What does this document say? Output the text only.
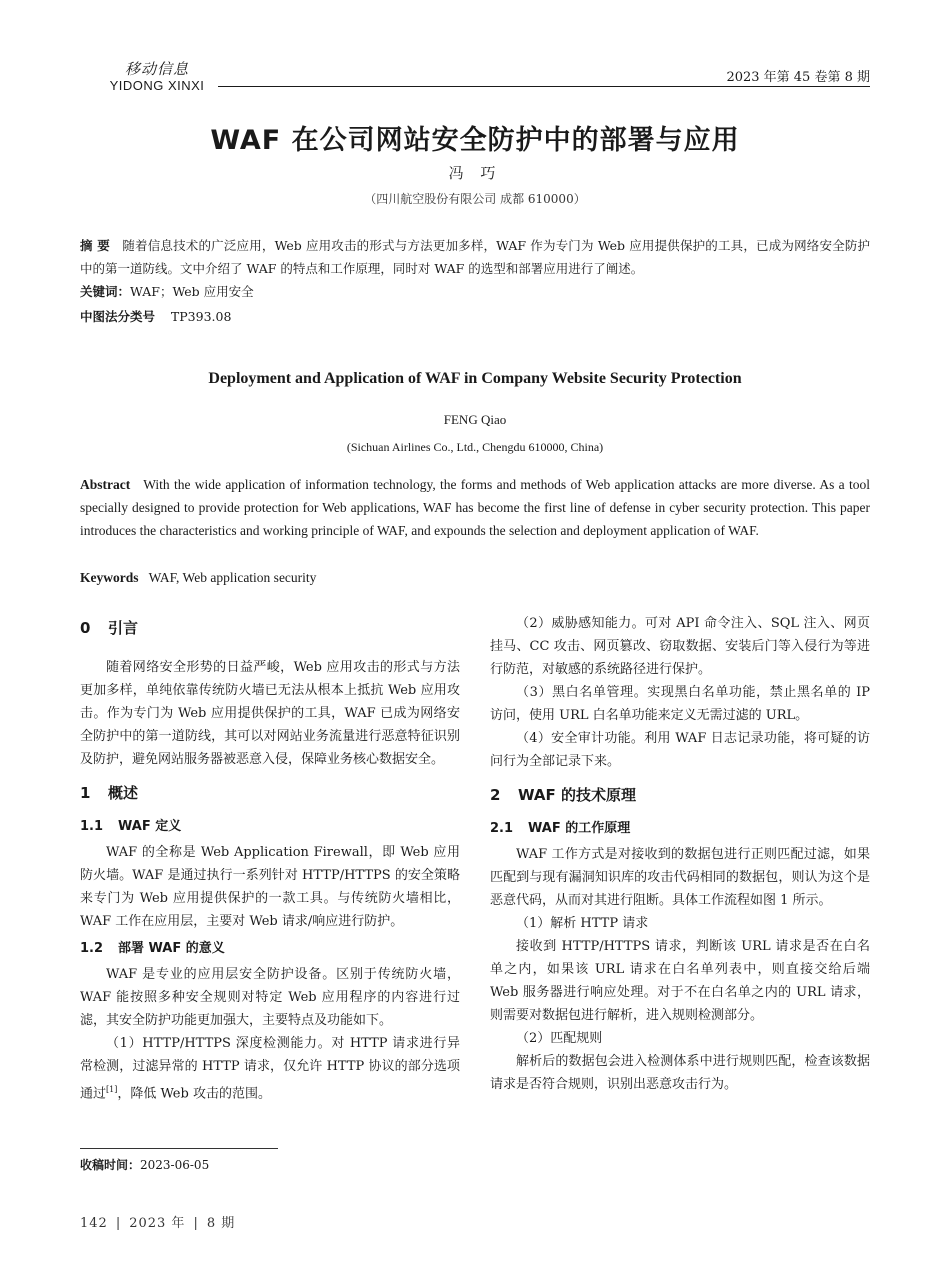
移动信息
YIDONG XINXI
2023 年第 45 卷第 8 期
WAF 在公司网站安全防护中的部署与应用
冯 巧
（四川航空股份有限公司 成都 610000）
摘 要 随着信息技术的广泛应用，Web 应用攻击的形式与方法更加多样，WAF 作为专门为 Web 应用提供保护的工具，已成为网络安全防护中的第一道防线。文中介绍了 WAF 的特点和工作原理，同时对 WAF 的选型和部署应用进行了阐述。
关键词：WAF；Web 应用安全
中图法分类号 TP393.08
Deployment and Application of WAF in Company Website Security Protection
FENG Qiao
(Sichuan Airlines Co., Ltd., Chengdu 610000, China)
Abstract With the wide application of information technology, the forms and methods of Web application attacks are more diverse. As a tool specially designed to provide protection for Web applications, WAF has become the first line of defense in cyber security protection. This paper introduces the characteristics and working principle of WAF, and expounds the selection and deployment application of WAF.
Keywords WAF, Web application security
0 引言

随着网络安全形势的日益严峻，Web 应用攻击的形式与方法更加多样，单纯依靠传统防火墙已无法从根本上抵抗 Web 应用攻击。作为专门为 Web 应用提供保护的工具，WAF 已成为网络安全防护中的第一道防线，其可以对网站业务流量进行恶意特征识别及防护，避免网站服务器被恶意入侵，保障业务核心数据安全。

1 概述
1.1 WAF 定义

WAF 的全称是 Web Application Firewall，即 Web 应用防火墙。WAF 是通过执行一系列针对 HTTP/HTTPS 的安全策略来专门为 Web 应用提供保护的一款工具。与传统防火墙相比，WAF 工作在应用层，主要对 Web 请求/响应进行防护。

1.2 部署 WAF 的意义

WAF 是专业的应用层安全防护设备。区别于传统防火墙，WAF 能按照多种安全规则对特定 Web 应用程序的内容进行过滤，其安全防护功能更加强大，主要特点及功能如下。

（1）HTTP/HTTPS 深度检测能力。对 HTTP 请求进行异常检测，过滤异常的 HTTP 请求，仅允许 HTTP 协议的部分选项通过[1]，降低 Web 攻击的范围。

（2）威胁感知能力。可对 API 命令注入、SQL 注入、网页挂马、CC 攻击、网页篡改、窃取数据、安装后门等入侵行为等进行防范，对敏感的系统路径进行保护。

（3）黑白名单管理。实现黑白名单功能，禁止黑名单的 IP 访问，使用 URL 白名单功能来定义无需过滤的 URL。

（4）安全审计功能。利用 WAF 日志记录功能，将可疑的访问行为全部记录下来。

2 WAF 的技术原理
2.1 WAF 的工作原理

WAF 工作方式是对接收到的数据包进行正则匹配过滤，如果匹配到与现有漏洞知识库的攻击代码相同的数据包，则认为这个是恶意代码，从而对其进行阻断。具体工作流程如图 1 所示。

（1）解析 HTTP 请求

接收到 HTTP/HTTPS 请求，判断该 URL 请求是否在白名单之内，如果该 URL 请求在白名单列表中，则直接交给后端 Web 服务器进行响应处理。对于不在白名单之内的 URL 请求，则需要对数据包进行解析，进入规则检测部分。

（2）匹配规则

解析后的数据包会进入检测体系中进行规则匹配，检查该数据请求是否符合规则，识别出恶意攻击行为。

收稿时间：2023-06-05
142 | 2023 年 | 8 期
